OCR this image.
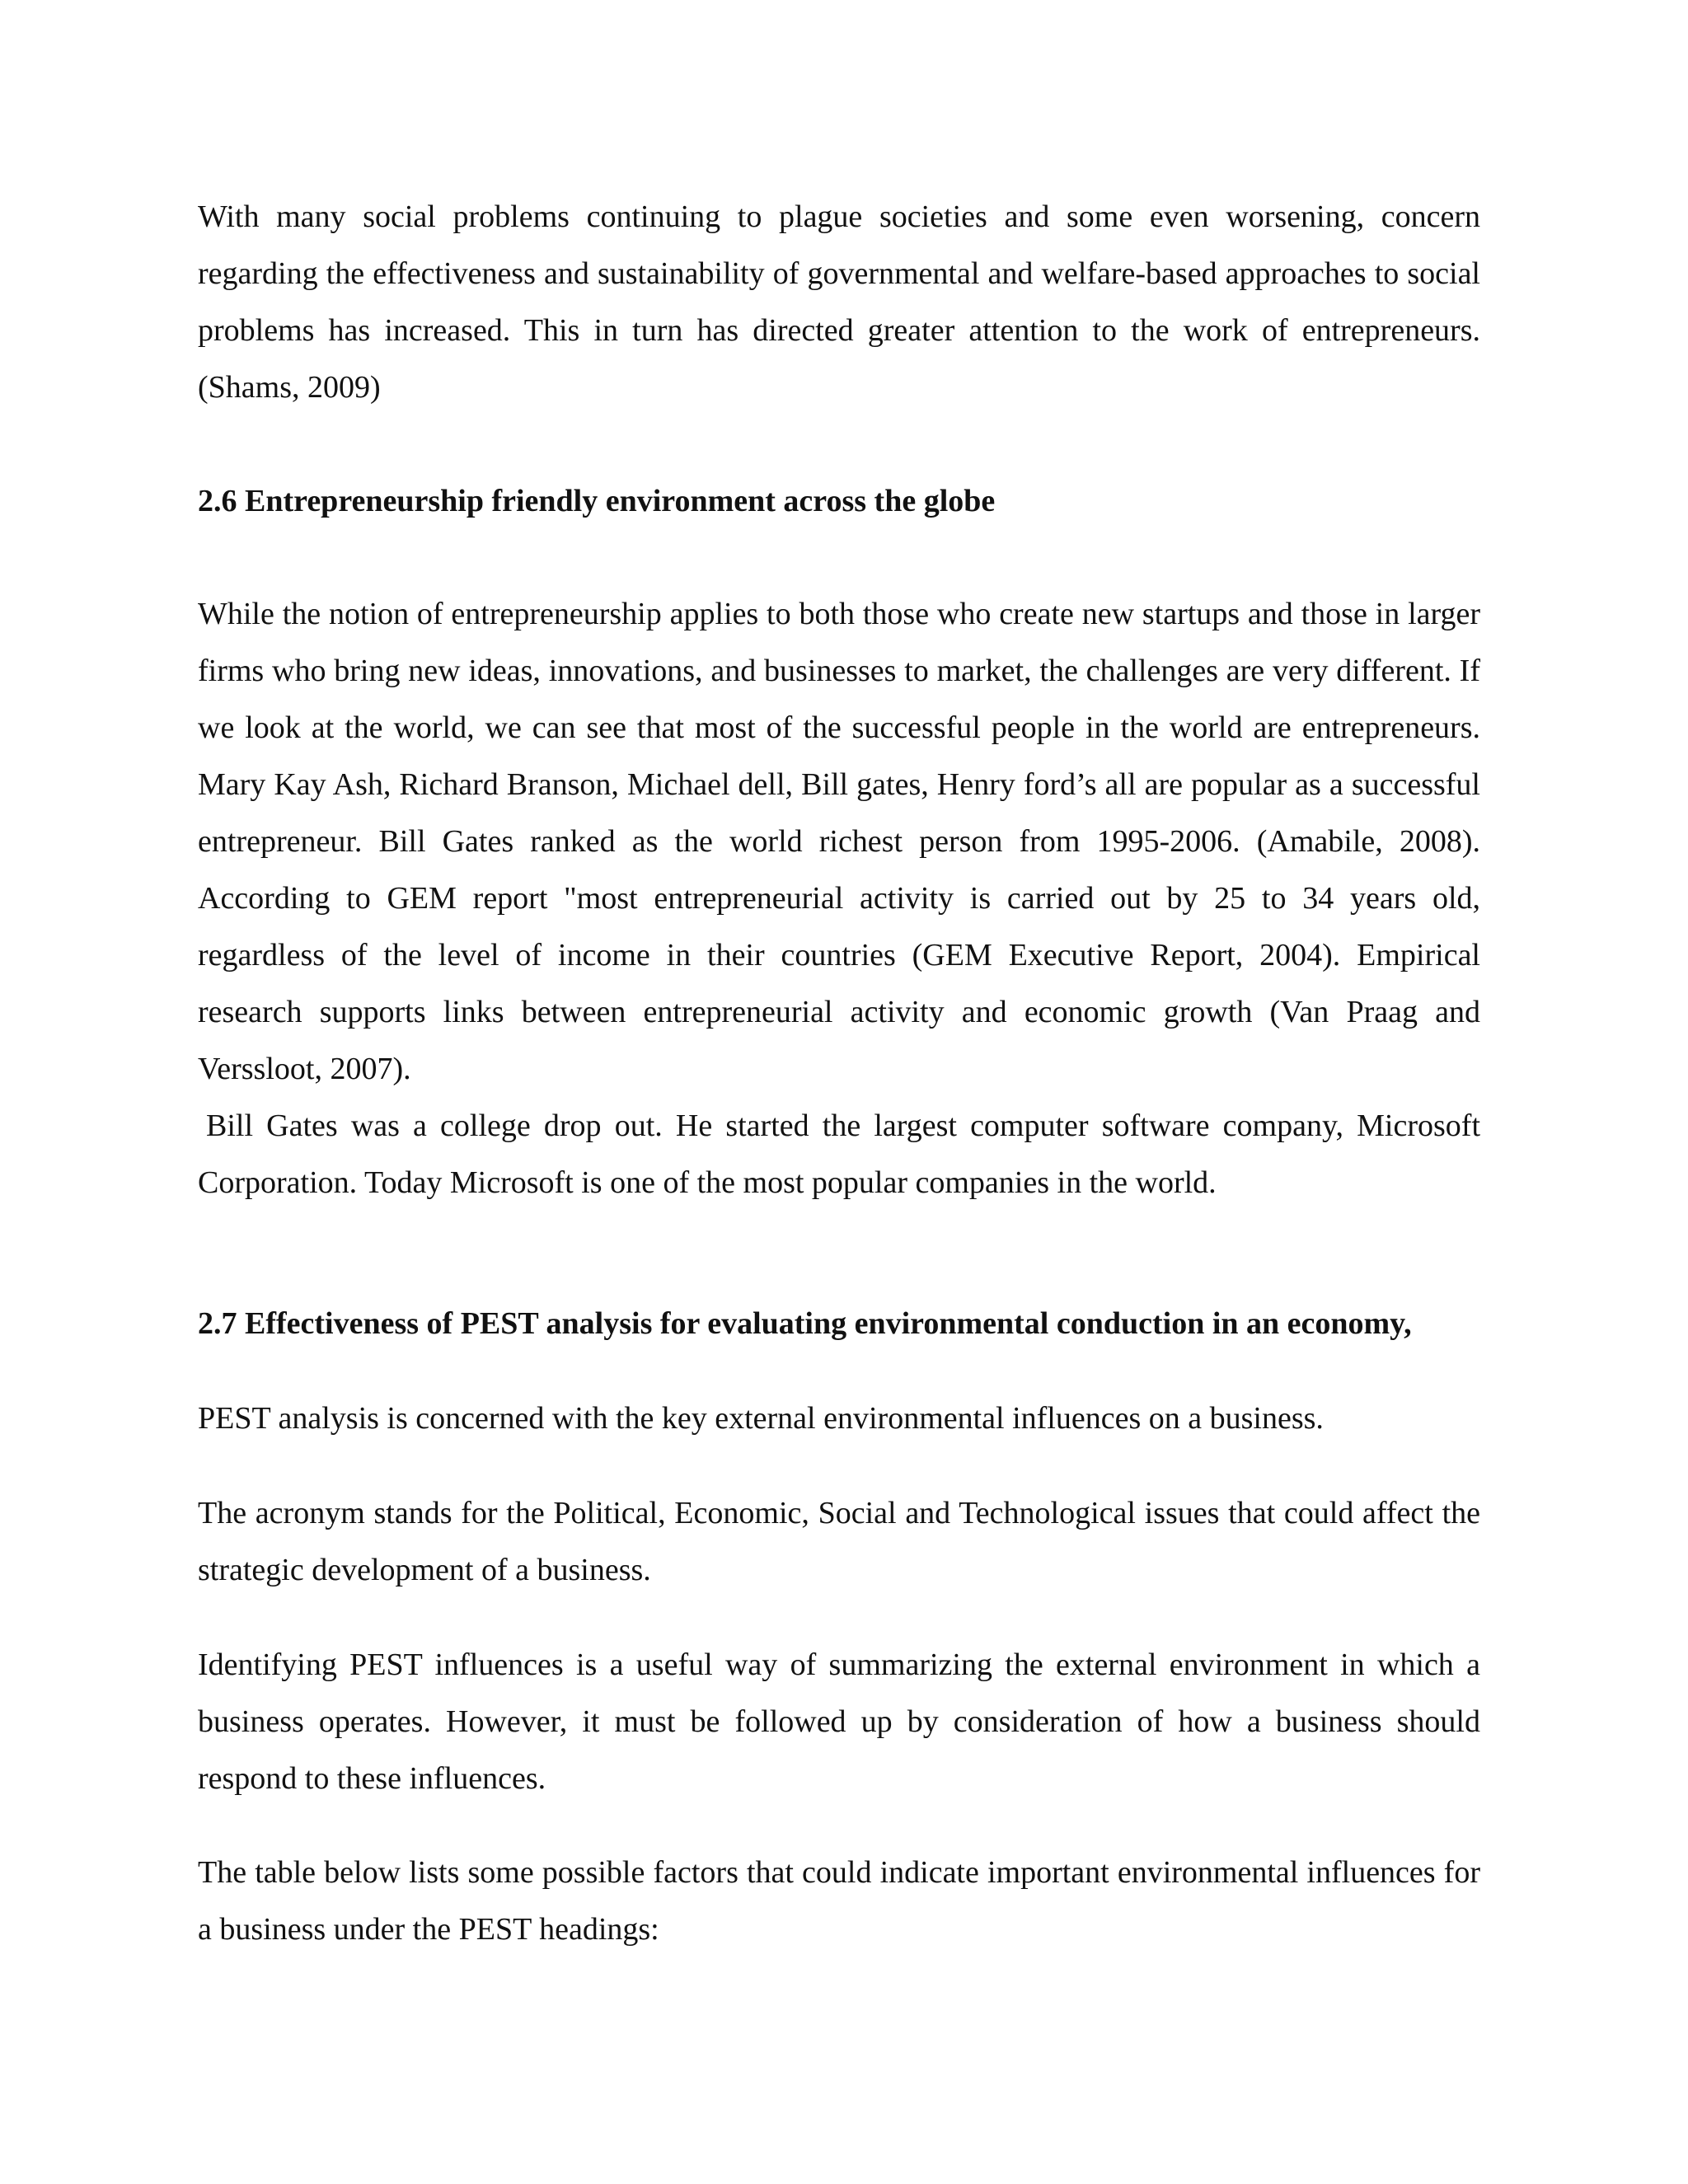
With many social problems continuing to plague societies and some even worsening, concern regarding the effectiveness and sustainability of governmental and welfare-based approaches to social problems has increased. This in turn has directed greater attention to the work of entrepreneurs. (Shams, 2009)

2.6 Entrepreneurship friendly environment across the globe

While the notion of entrepreneurship applies to both those who create new startups and those in larger firms who bring new ideas, innovations, and businesses to market, the challenges are very different. If we look at the world, we can see that most of the successful people in the world are entrepreneurs. Mary Kay Ash, Richard Branson, Michael dell, Bill gates, Henry ford’s all are popular as a successful entrepreneur. Bill Gates ranked as the world richest person from 1995-2006. (Amabile, 2008). According to GEM report "most entrepreneurial activity is carried out by 25 to 34 years old, regardless of the level of income in their countries (GEM Executive Report, 2004). Empirical research supports links between entrepreneurial activity and economic growth (Van Praag and Verssloot, 2007).

Bill Gates was a college drop out. He started the largest computer software company, Microsoft Corporation. Today Microsoft is one of the most popular companies in the world.

2.7 Effectiveness of PEST analysis for evaluating environmental conduction in an economy,

PEST analysis is concerned with the key external environmental influences on a business.

The acronym stands for the Political, Economic, Social and Technological issues that could affect the strategic development of a business.

Identifying PEST influences is a useful way of summarizing the external environment in which a business operates. However, it must be followed up by consideration of how a business should respond to these influences.

The table below lists some possible factors that could indicate important environmental influences for a business under the PEST headings:
